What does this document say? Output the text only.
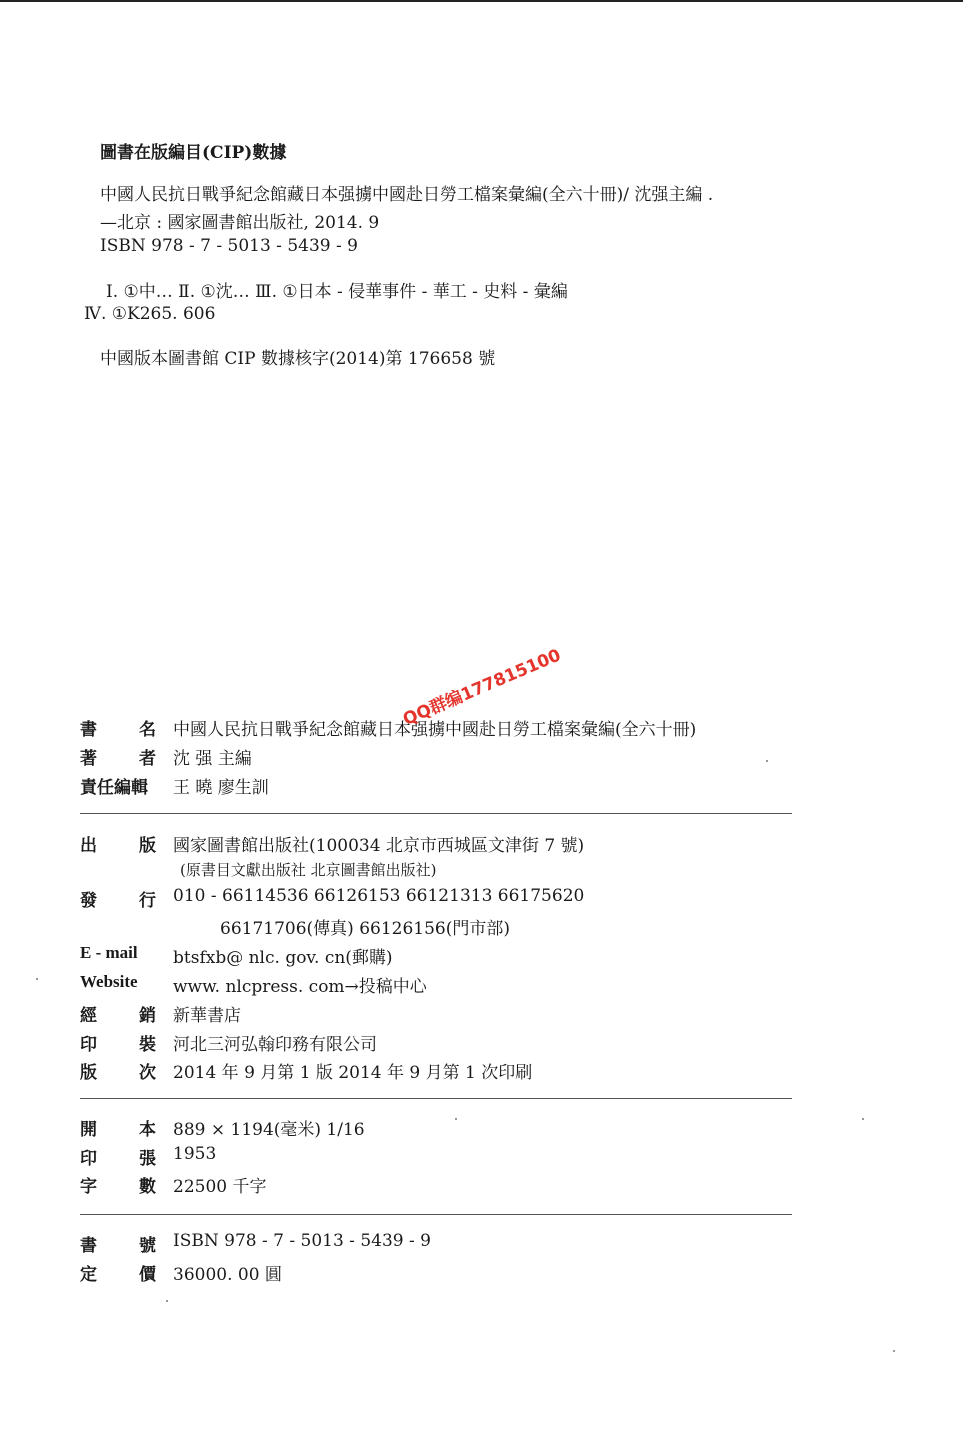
圖書在版編目(CIP)數據
中國人民抗日戰爭紀念館藏日本强擄中國赴日勞工檔案彙編(全六十冊)/ 沈强主編 .
—北京 : 國家圖書館出版社, 2014. 9
ISBN 978 - 7 - 5013 - 5439 - 9
Ⅰ. ①中… Ⅱ. ①沈… Ⅲ. ①日本 - 侵華事件 - 華工 - 史料 - 彙編
Ⅳ. ①K265. 606
中國版本圖書館 CIP 數據核字(2014)第 176658 號
書 名 中國人民抗日戰爭紀念館藏日本强擄中國赴日勞工檔案彙編(全六十冊)
著 者 沈 强 主編
責任編輯	王 曉 廖生訓
出 版 國家圖書館出版社(100034 北京市西城區文津街 7 號)
(原書目文獻出版社 北京圖書館出版社)
發 行 010 - 66114536 66126153 66121313 66175620
66171706(傳真) 66126156(門市部)
E - mail	btsfxb@ nlc. gov. cn(郵購)
Website	www. nlcpress. com→投稿中心
經 銷 新華書店
印 裝 河北三河弘翰印務有限公司
版 次 2014 年 9 月第 1 版 2014 年 9 月第 1 次印刷
開 本 889 × 1194(毫米) 1/16
印 張 1953
字 數 22500 千字
書 號 ISBN 978 - 7 - 5013 - 5439 - 9
定 價 36000. 00 圓
QQ群编177815100
